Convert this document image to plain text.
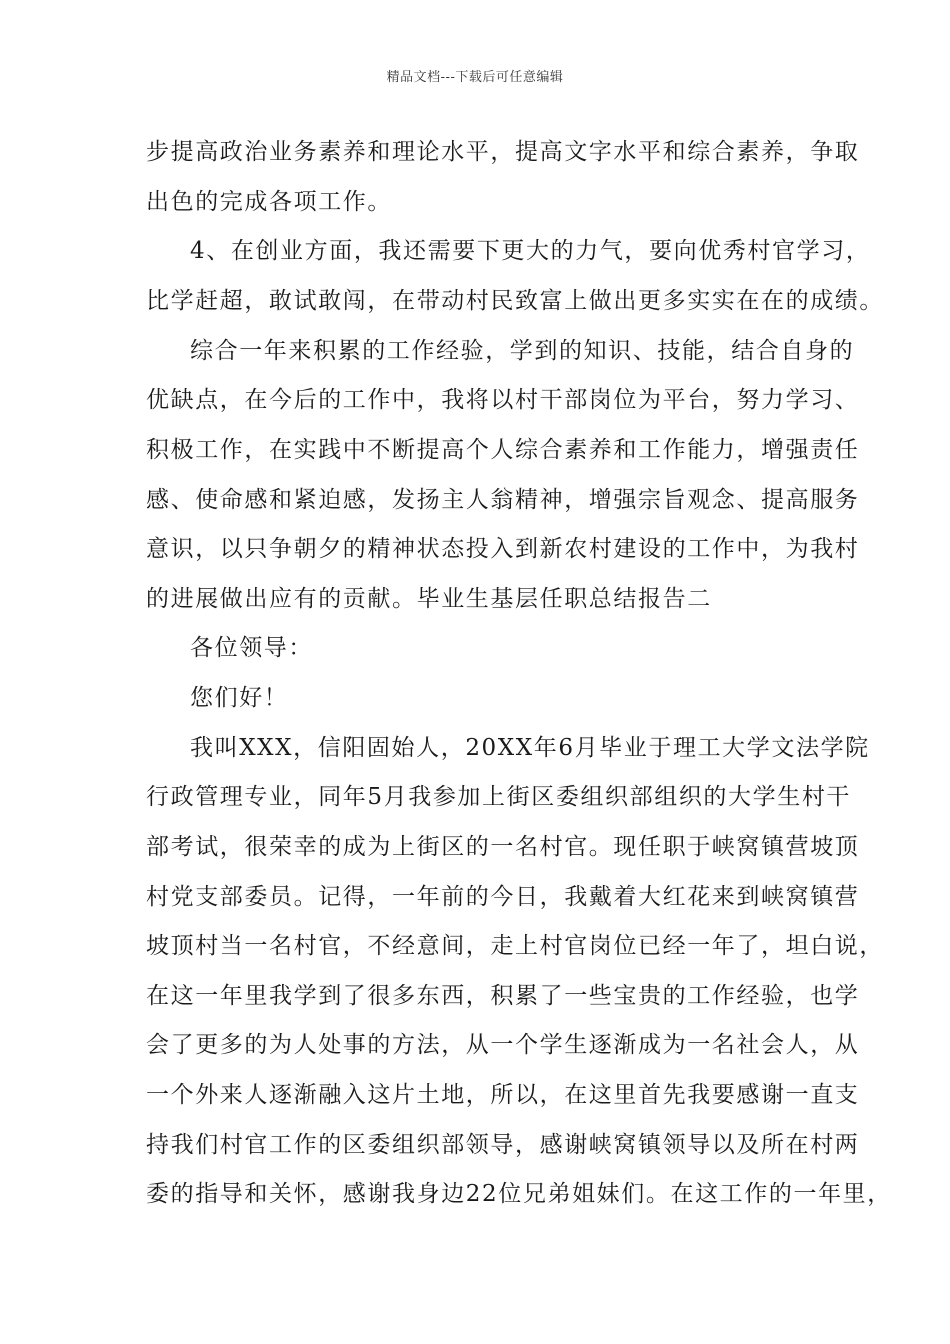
精品文档---下载后可任意编辑
步提高政治业务素养和理论水平，提高文字水平和综合素养，争取
出色的完成各项工作。
4、在创业方面，我还需要下更大的力气，要向优秀村官学习，
比学赶超，敢试敢闯，在带动村民致富上做出更多实实在在的成绩。
综合一年来积累的工作经验，学到的知识、技能，结合自身的
优缺点，在今后的工作中，我将以村干部岗位为平台，努力学习、
积极工作，在实践中不断提高个人综合素养和工作能力，增强责任
感、使命感和紧迫感，发扬主人翁精神，增强宗旨观念、提高服务
意识，以只争朝夕的精神状态投入到新农村建设的工作中，为我村
的进展做出应有的贡献。毕业生基层任职总结报告二
各位领导：
您们好！
我叫XXX，信阳固始人，20XX年6月毕业于理工大学文法学院
行政管理专业，同年5月我参加上街区委组织部组织的大学生村干
部考试，很荣幸的成为上街区的一名村官。现任职于峡窝镇营坡顶
村党支部委员。记得，一年前的今日，我戴着大红花来到峡窝镇营
坡顶村当一名村官，不经意间，走上村官岗位已经一年了，坦白说，
在这一年里我学到了很多东西，积累了一些宝贵的工作经验，也学
会了更多的为人处事的方法，从一个学生逐渐成为一名社会人，从
一个外来人逐渐融入这片土地，所以，在这里首先我要感谢一直支
持我们村官工作的区委组织部领导，感谢峡窝镇领导以及所在村两
委的指导和关怀，感谢我身边22位兄弟姐妹们。在这工作的一年里，
